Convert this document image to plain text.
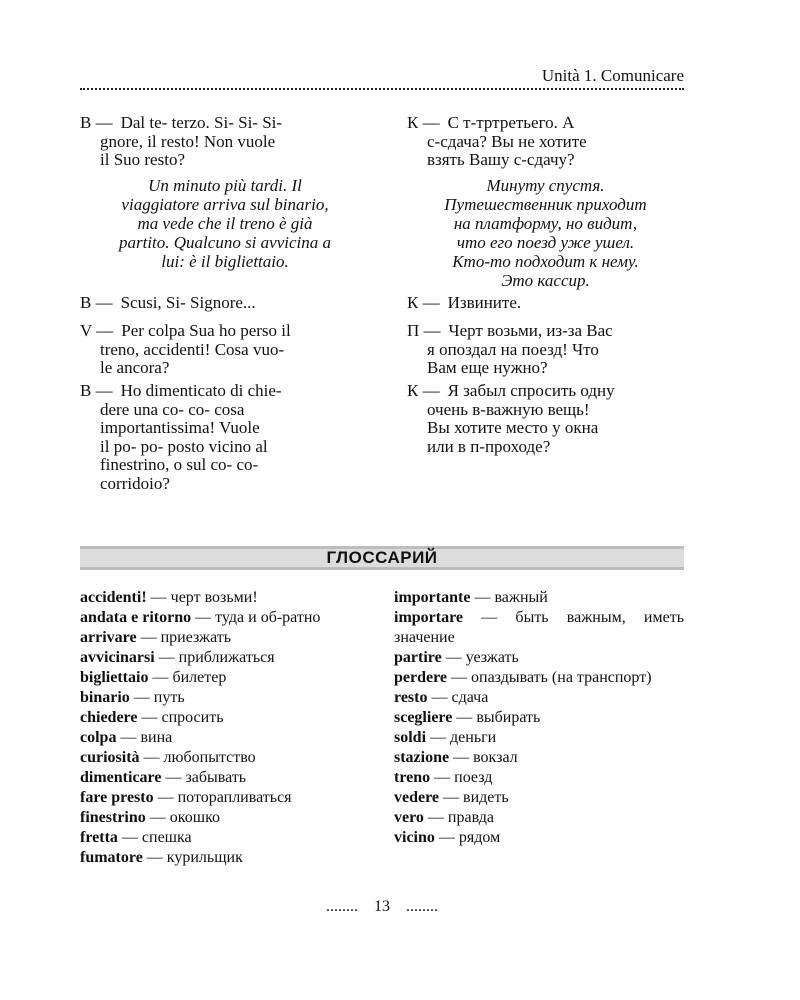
Unità 1. Comunicare

B — Dal te- terzo. Si- Si- Si-

gnore, il resto! Non vuole

il Suo resto?

Un minuto più tardi. Il

viaggiatore arriva sul binario,

ma vede che il treno è già

partito. Qualcuno si avvicina a

lui: è il bigliettaio.

B — Scusi, Si- Signore...

V — Per colpa Sua ho perso il

treno, accidenti! Cosa vuo-

le ancora?

B — Ho dimenticato di chie-

dere una co- co- cosa

importantissima! Vuole

il po- po- posto vicino al

finestrino, o sul co- co-

corridoio?

К — С т-тртретьего. А

с-сдача? Вы не хотите

взять Вашу с-сдачу?

Минуту спустя.

Путешественник приходит

на платформу, но видит,

что его поезд уже ушел.

Кто-то подходит к нему.

Это кассир.

К — Извините.

П — Черт возьми, из-за Вас

я опоздал на поезд! Что

Вам еще нужно?

К — Я забыл спросить одну

очень в-важную вещь!

Вы хотите место у окна

или в п-проходе?

ГЛОССАРИЙ

accidenti! — черт возьми!

andata e ritorno — туда и об-ратно

arrivare — приезжать

avvicinarsi — приближаться

bigliettaio — билетер

binario — путь

chiedere — спросить

colpa — вина

curiosità — любопытство

dimenticare — забывать

fare presto — поторапливаться

finestrino — окошко

fretta — спешка

fumatore — курильщик

importante — важный

importare — быть важным, иметь значение

partire — уезжать

perdere — опаздывать (на транспорт)

resto — сдача

scegliere — выбирать

soldi — деньги

stazione — вокзал

treno — поезд

vedere — видеть

vero — правда

vicino — рядом

........ 13 ........
